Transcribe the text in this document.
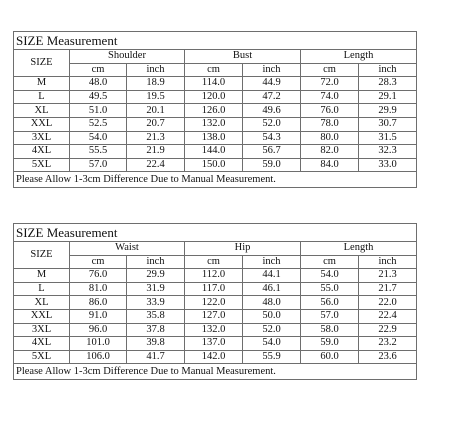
SIZE Measurement						
SIZE	Shoulder		Bust		Length	
	cm	inch	cm	inch	cm	inch
M	48.0	18.9	114.0	44.9	72.0	28.3
L	49.5	19.5	120.0	47.2	74.0	29.1
XL	51.0	20.1	126.0	49.6	76.0	29.9
XXL	52.5	20.7	132.0	52.0	78.0	30.7
3XL	54.0	21.3	138.0	54.3	80.0	31.5
4XL	55.5	21.9	144.0	56.7	82.0	32.3
5XL	57.0	22.4	150.0	59.0	84.0	33.0
Please Allow 1-3cm Difference Due to Manual Measurement.						
SIZE Measurement						
SIZE	Waist		Hip		Length	
	cm	inch	cm	inch	cm	inch
M	76.0	29.9	112.0	44.1	54.0	21.3
L	81.0	31.9	117.0	46.1	55.0	21.7
XL	86.0	33.9	122.0	48.0	56.0	22.0
XXL	91.0	35.8	127.0	50.0	57.0	22.4
3XL	96.0	37.8	132.0	52.0	58.0	22.9
4XL	101.0	39.8	137.0	54.0	59.0	23.2
5XL	106.0	41.7	142.0	55.9	60.0	23.6
Please Allow 1-3cm Difference Due to Manual Measurement.						
